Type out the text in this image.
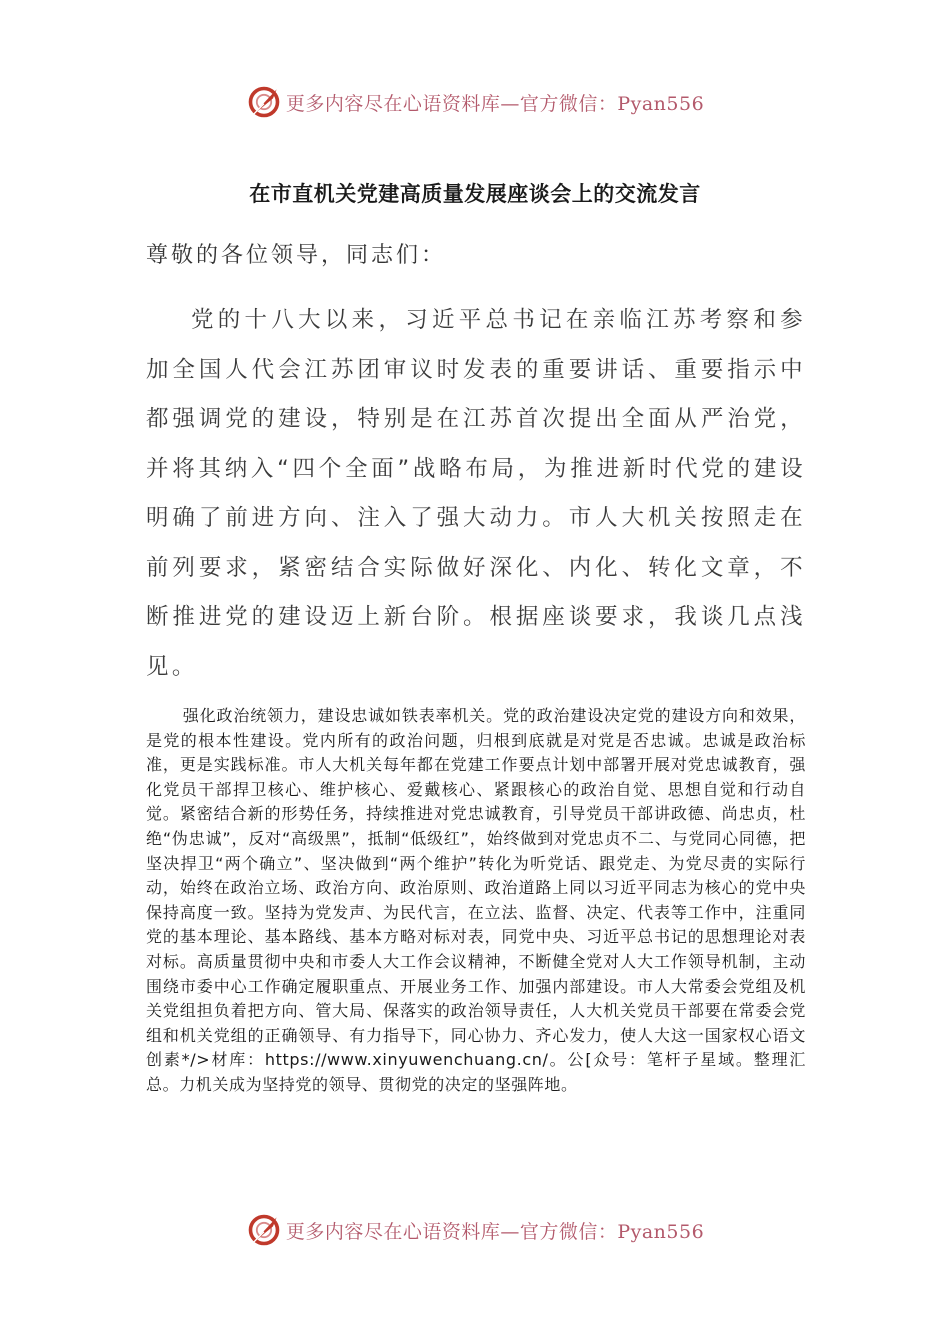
更多内容尽在心语资料库—官方微信：Pyan556
在市直机关党建高质量发展座谈会上的交流发言
尊敬的各位领导，同志们：

党的十八大以来，习近平总书记在亲临江苏考察和参加全国人代会江苏团审议时发表的重要讲话、重要指示中都强调党的建设，特别是在江苏首次提出全面从严治党，并将其纳入“四个全面”战略布局，为推进新时代党的建设明确了前进方向、注入了强大动力。市人大机关按照走在前列要求，紧密结合实际做好深化、内化、转化文章，不断推进党的建设迈上新台阶。根据座谈要求，我谈几点浅见。

强化政治统领力，建设忠诚如铁表率机关。党的政治建设决定党的建设方向和效果，是党的根本性建设。党内所有的政治问题，归根到底就是对党是否忠诚。忠诚是政治标准，更是实践标准。市人大机关每年都在党建工作要点计划中部署开展对党忠诚教育，强化党员干部捍卫核心、维护核心、爱戴核心、紧跟核心的政治自觉、思想自觉和行动自觉。紧密结合新的形势任务，持续推进对党忠诚教育，引导党员干部讲政德、尚忠贞，杜绝“伪忠诚”，反对“高级黑”，抵制“低级红”，始终做到对党忠贞不二、与党同心同德，把坚决捍卫“两个确立”、坚决做到“两个维护”转化为听党话、跟党走、为党尽责的实际行动，始终在政治立场、政治方向、政治原则、政治道路上同以习近平同志为核心的党中央保持高度一致。坚持为党发声、为民代言，在立法、监督、决定、代表等工作中，注重同党的基本理论、基本路线、基本方略对标对表，同党中央、习近平总书记的思想理论对表对标。高质量贯彻中央和市委人大工作会议精神，不断健全党对人大工作领导机制，主动围绕市委中心工作确定履职重点、开展业务工作、加强内部建设。市人大常委会党组及机关党组担负着把方向、管大局、保落实的政治领导责任，人大机关党员干部要在常委会党组和机关党组的正确领导、有力指导下，同心协力、齐心发力，使人大这一国家权心语文创素*/>材库：https://www.xinyuwenchuang.cn/。公[众号：笔杆子星域。整理汇总。力机关成为坚持党的领导、贯彻党的决定的坚强阵地。

更多内容尽在心语资料库—官方微信：Pyan556
